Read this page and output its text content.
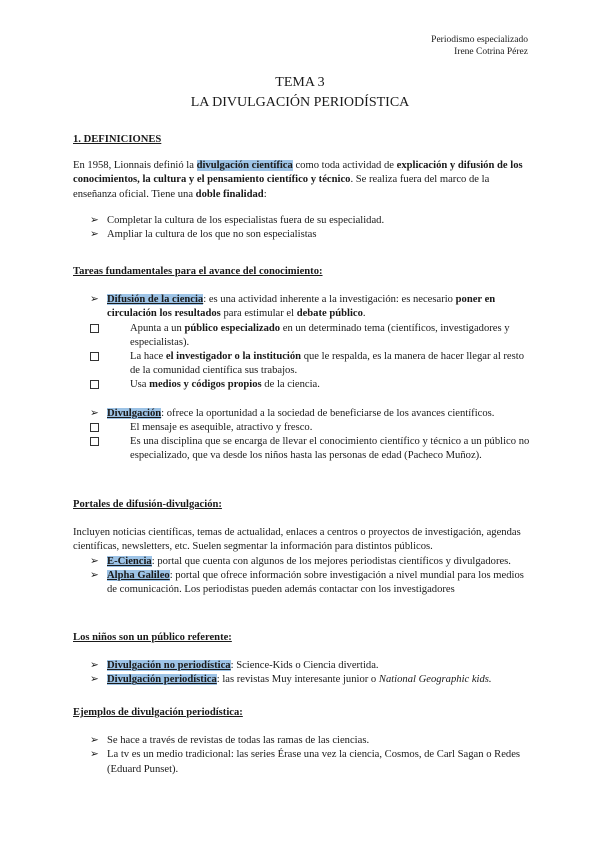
Periodismo especializado
Irene Cotrina Pérez
TEMA 3
LA DIVULGACIÓN PERIODÍSTICA
1. DEFINICIONES
En 1958, Lionnais definió la divulgación científica como toda actividad de explicación y difusión de los conocimientos, la cultura y el pensamiento científico y técnico. Se realiza fuera del marco de la enseñanza oficial. Tiene una doble finalidad:
➢ Completar la cultura de los especialistas fuera de su especialidad.
➢ Ampliar la cultura de los que no son especialistas
Tareas fundamentales para el avance del conocimiento:
➢ Difusión de la ciencia: es una actividad inherente a la investigación: es necesario poner en circulación los resultados para estimular el debate público.
Apunta a un público especializado en un determinado tema (científicos, investigadores y especialistas).
La hace el investigador o la institución que le respalda, es la manera de hacer llegar al resto de la comunidad científica sus trabajos.
Usa medios y códigos propios de la ciencia.
➢ Divulgación: ofrece la oportunidad a la sociedad de beneficiarse de los avances científicos.
El mensaje es asequible, atractivo y fresco.
Es una disciplina que se encarga de llevar el conocimiento científico y técnico a un público no especializado, que va desde los niños hasta las personas de edad (Pacheco Muñoz).
Portales de difusión-divulgación:
Incluyen noticias científicas, temas de actualidad, enlaces a centros o proyectos de investigación, agendas científicas, newsletters, etc. Suelen segmentar la información para distintos públicos.
➢ E-Ciencia: portal que cuenta con algunos de los mejores periodistas científicos y divulgadores.
➢ Alpha Galileo: portal que ofrece información sobre investigación a nivel mundial para los medios de comunicación. Los periodistas pueden además contactar con los investigadores
Los niños son un público referente:
➢ Divulgación no periodística: Science-Kids o Ciencia divertida.
➢ Divulgación periodística: las revistas Muy interesante junior o National Geographic kids.
Ejemplos de divulgación periodística:
➢ Se hace a través de revistas de todas las ramas de las ciencias.
➢ La tv es un medio tradicional: las series Érase una vez la ciencia, Cosmos, de Carl Sagan o Redes (Eduard Punset).
